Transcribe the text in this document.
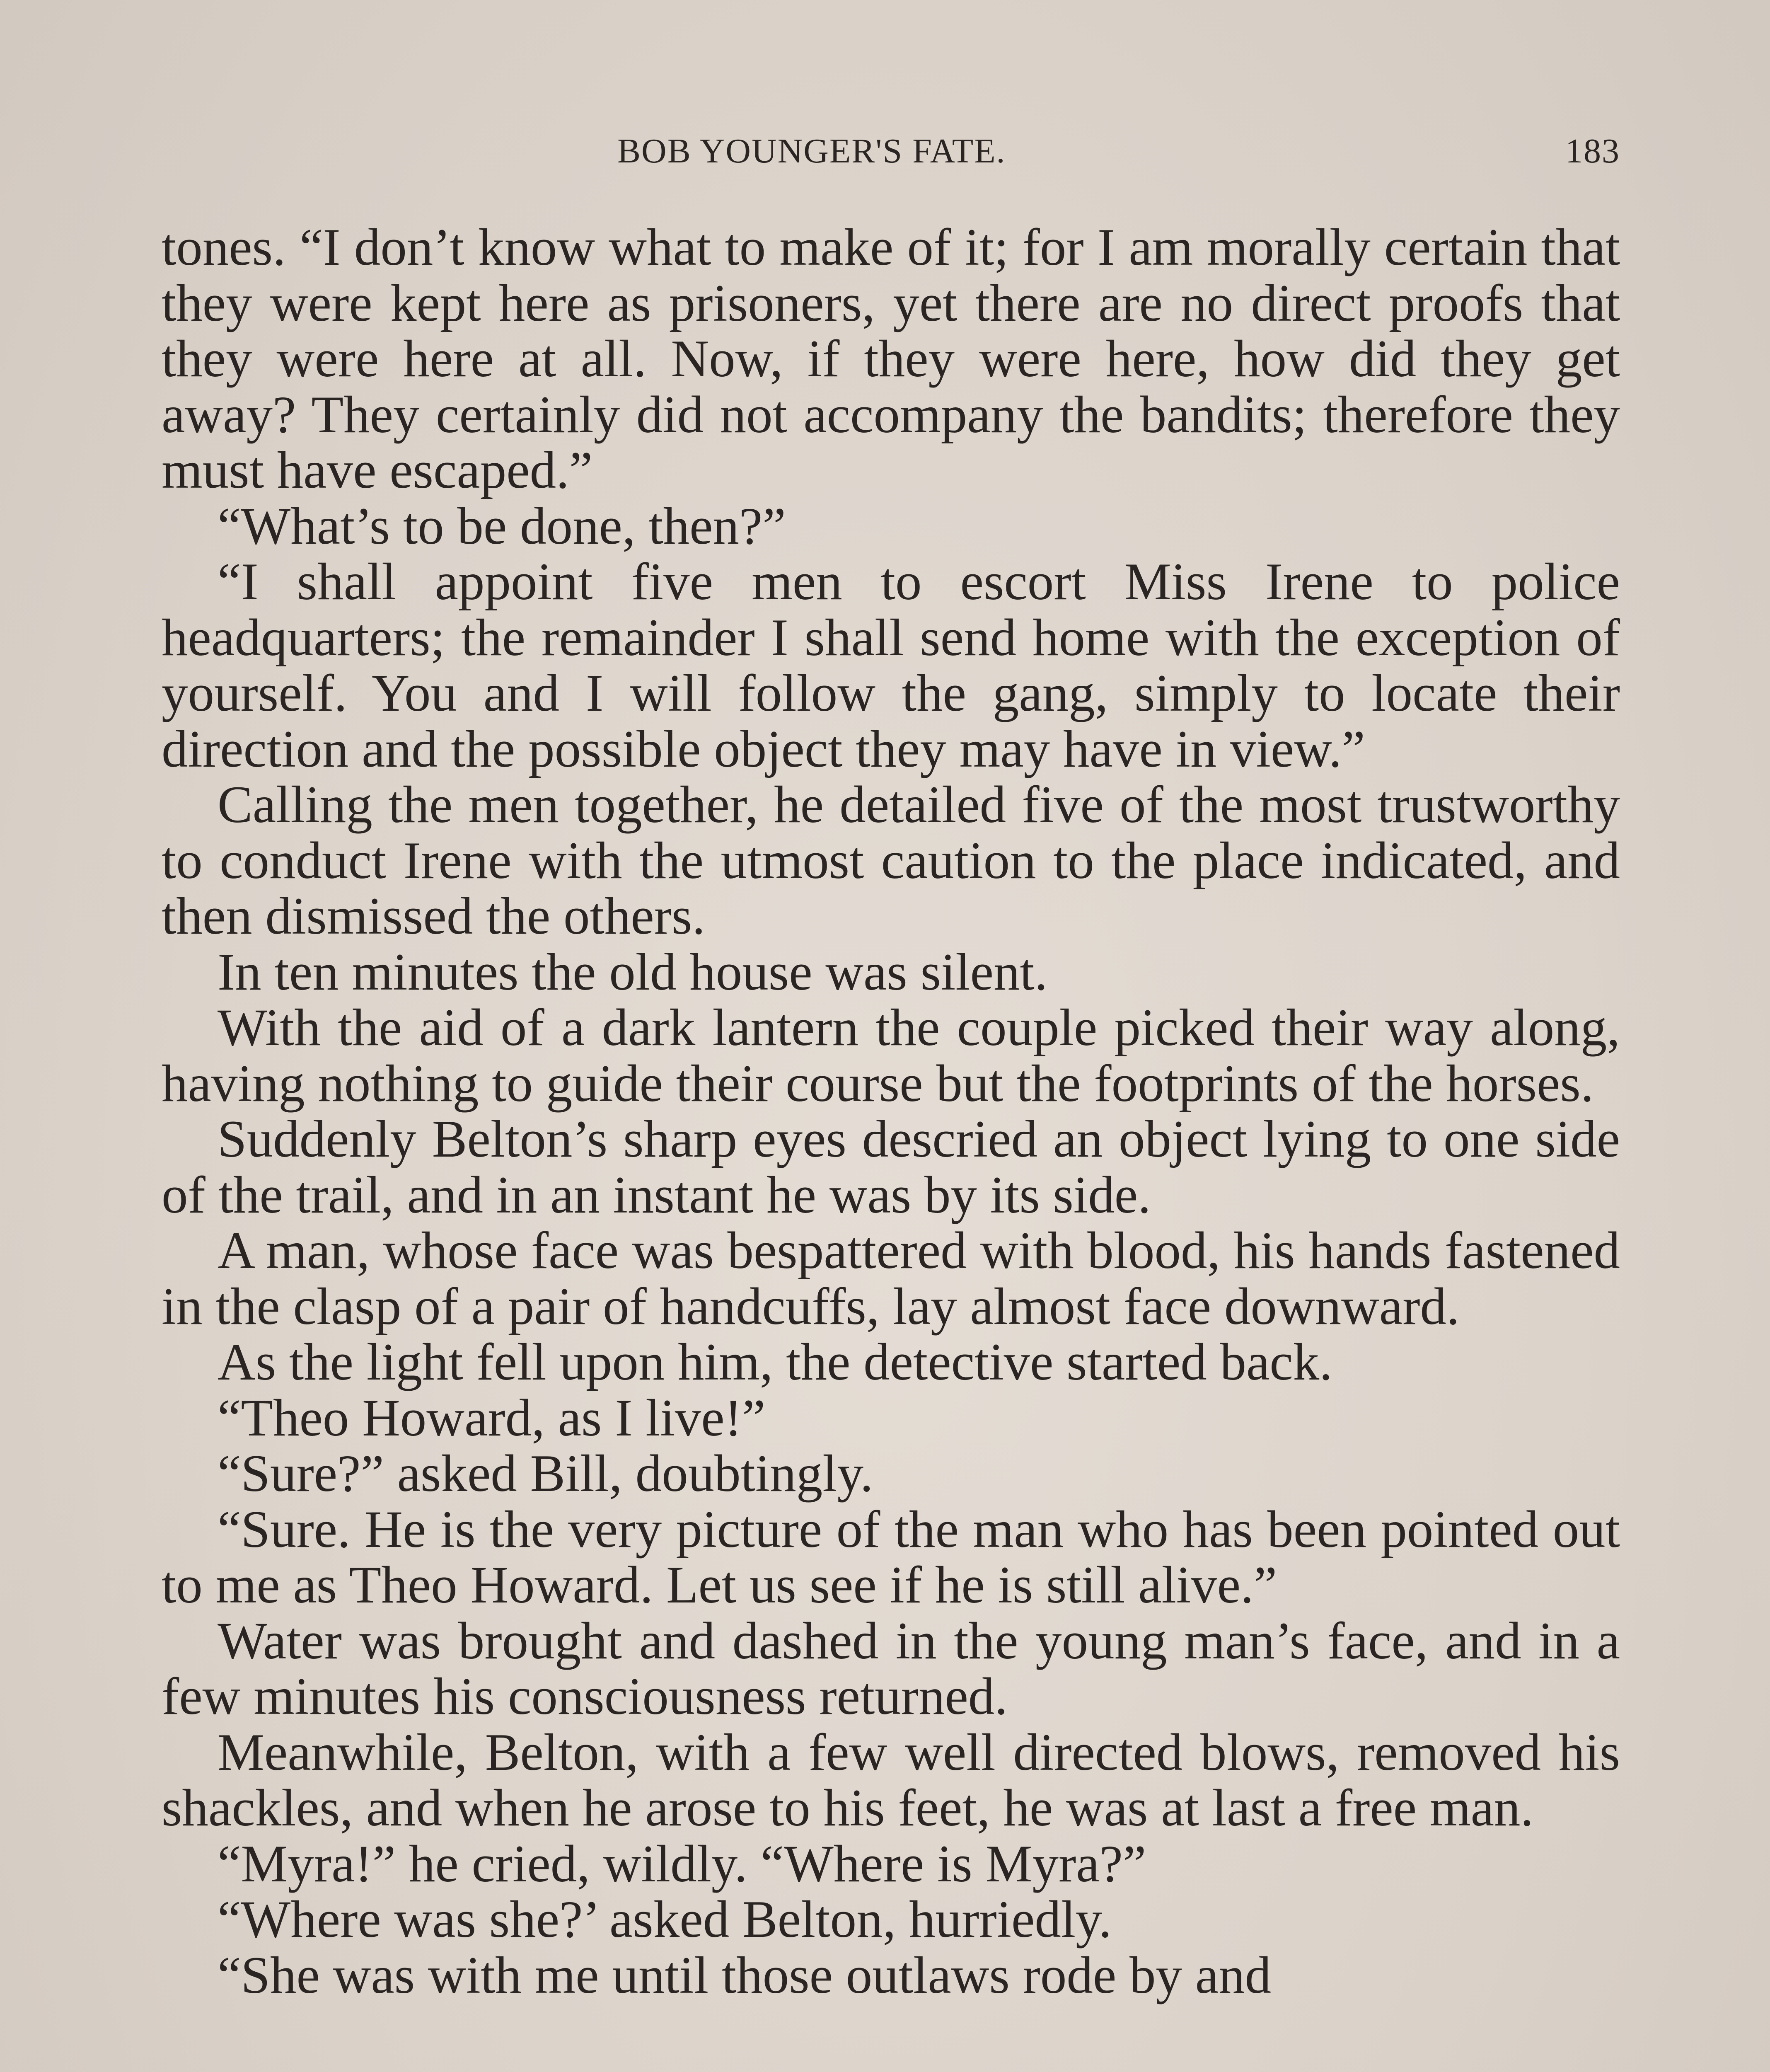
BOB YOUNGER'S FATE.	183

tones. “I don’t know what to make of it; for I am morally certain that they were kept here as prisoners, yet there are no direct proofs that they were here at all. Now, if they were here, how did they get away? They certainly did not accompany the bandits; therefore they must have escaped.”

“What’s to be done, then?”

“I shall appoint five men to escort Miss Irene to police headquarters; the remainder I shall send home with the exception of yourself. You and I will follow the gang, simply to locate their direction and the possible object they may have in view.”

Calling the men together, he detailed five of the most trustworthy to conduct Irene with the utmost caution to the place indicated, and then dismissed the others.

In ten minutes the old house was silent.

With the aid of a dark lantern the couple picked their way along, having nothing to guide their course but the footprints of the horses.

Suddenly Belton’s sharp eyes descried an object lying to one side of the trail, and in an instant he was by its side.

A man, whose face was bespattered with blood, his hands fastened in the clasp of a pair of handcuffs, lay almost face downward.

As the light fell upon him, the detective started back.

“Theo Howard, as I live!”

“Sure?” asked Bill, doubtingly.

“Sure. He is the very picture of the man who has been pointed out to me as Theo Howard. Let us see if he is still alive.”

Water was brought and dashed in the young man’s face, and in a few minutes his consciousness returned.

Meanwhile, Belton, with a few well directed blows, removed his shackles, and when he arose to his feet, he was at last a free man.

“Myra!” he cried, wildly. “Where is Myra?”

“Where was she?’ asked Belton, hurriedly.

“She was with me until those outlaws rode by and
